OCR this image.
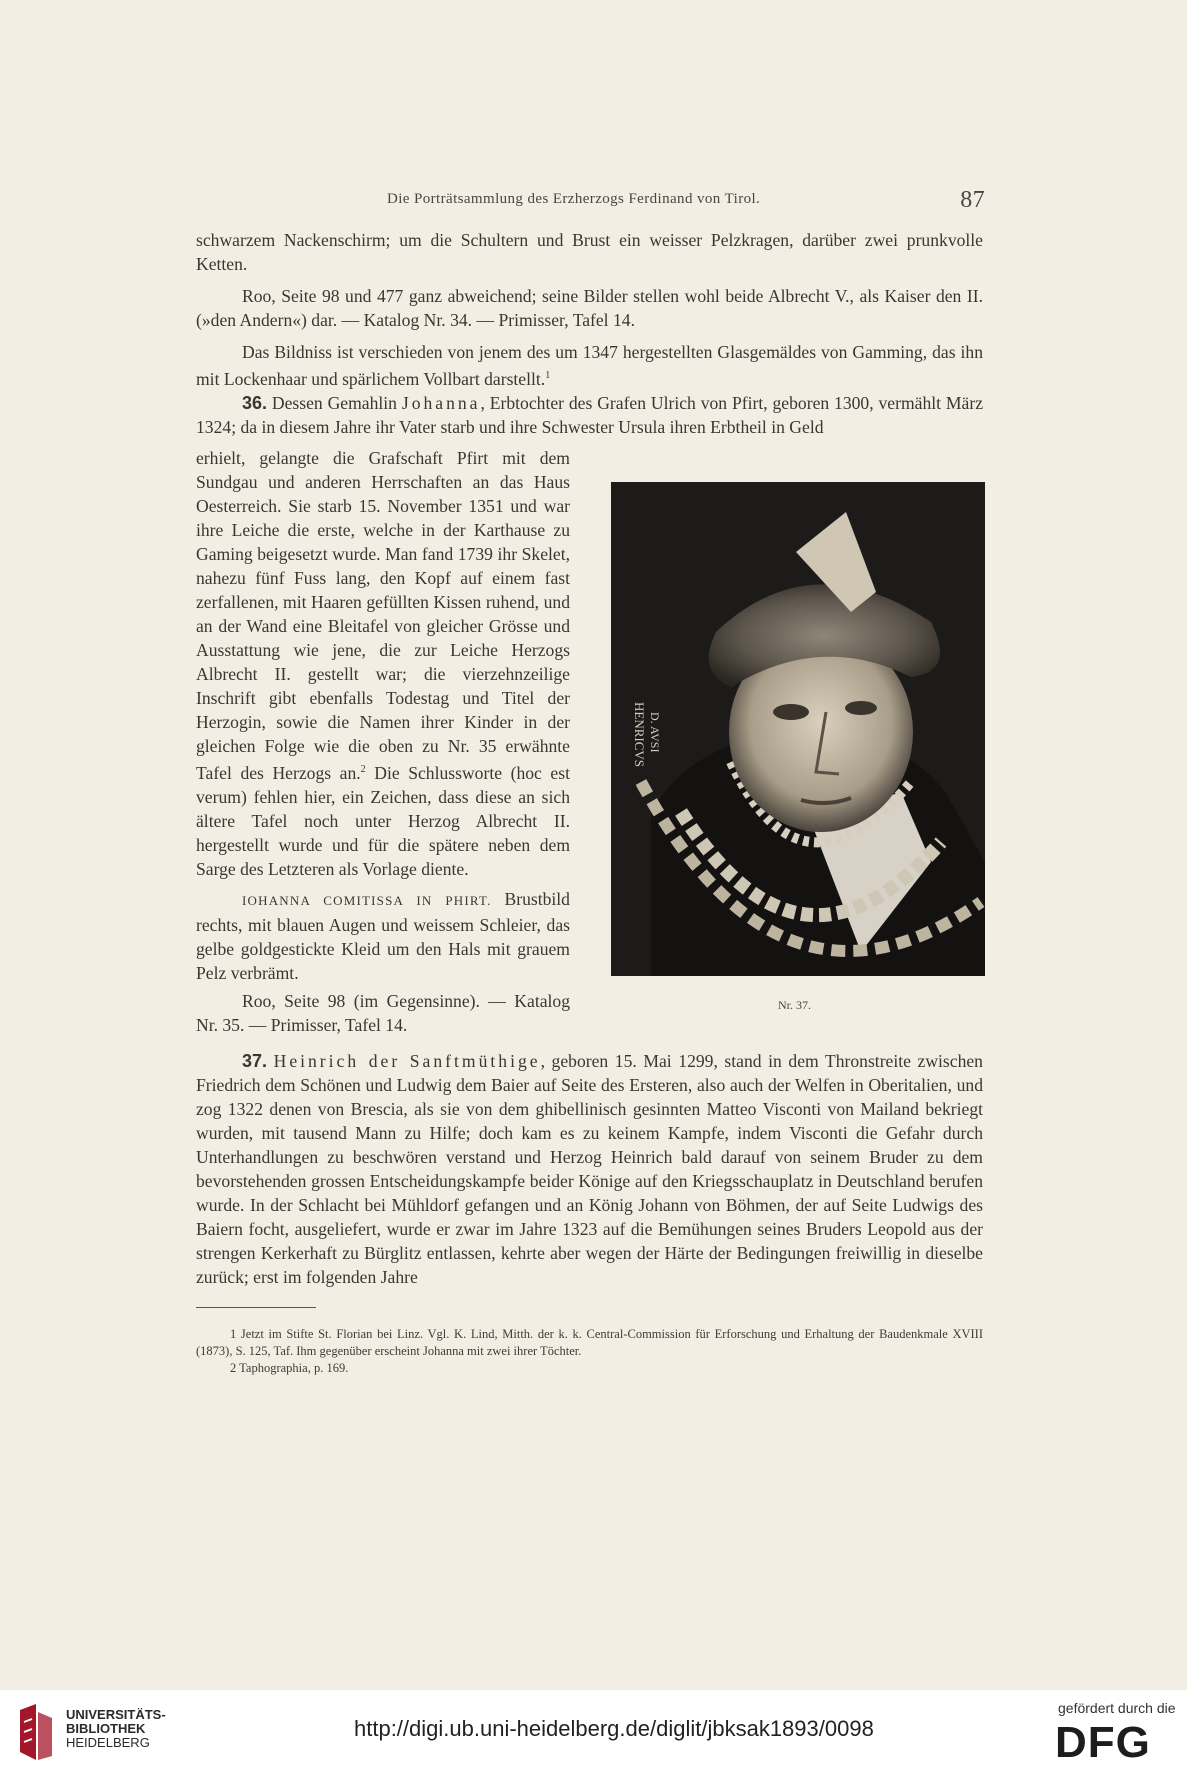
Die Porträtsammlung des Erzherzogs Ferdinand von Tirol.	87

schwarzem Nackenschirm; um die Schultern und Brust ein weisser Pelzkragen, darüber zwei prunkvolle Ketten.

Roo, Seite 98 und 477 ganz abweichend; seine Bilder stellen wohl beide Albrecht V., als Kaiser den II. (»den Andern«) dar. — Katalog Nr. 34. — Primisser, Tafel 14.

Das Bildniss ist verschieden von jenem des um 1347 hergestellten Glasgemäldes von Gamming, das ihn mit Lockenhaar und spärlichem Vollbart darstellt.$^1$

36. Dessen Gemahlin Johanna, Erbtochter des Grafen Ulrich von Pfirt, geboren 1300, vermählt März 1324; da in diesem Jahre ihr Vater starb und ihre Schwester Ursula ihren Erbtheil in Geld

erhielt, gelangte die Grafschaft Pfirt mit dem Sundgau und anderen Herrschaften an das Haus Oesterreich. Sie starb 15. November 1351 und war ihre Leiche die erste, welche in der Karthause zu Gaming beigesetzt wurde. Man fand 1739 ihr Skelet, nahezu fünf Fuss lang, den Kopf auf einem fast zerfallenen, mit Haaren gefüllten Kissen ruhend, und an der Wand eine Bleitafel von gleicher Grösse und Ausstattung wie jene, die zur Leiche Herzogs Albrecht II. gestellt war; die vierzehnzeilige Inschrift gibt ebenfalls Todestag und Titel der Herzogin, sowie die Namen ihrer Kinder in der gleichen Folge wie die oben zu Nr. 35 erwähnte Tafel des Herzogs an.$^2$ Die Schlussworte (hoc est verum) fehlen hier, ein Zeichen, dass diese an sich ältere Tafel noch unter Herzog Albrecht II. hergestellt wurde und für die spätere neben dem Sarge des Letzteren als Vorlage diente.

IOHANNA COMITISSA IN PHIRT. Brustbild rechts, mit blauen Augen und weissem Schleier, das gelbe goldgestickte Kleid um den Hals mit grauem Pelz verbrämt.

Roo, Seite 98 (im Gegensinne). — Katalog Nr. 35. — Primisser, Tafel 14.

HENRICVS D. AVSI
Nr. 37.

37. Heinrich der Sanftmüthige, geboren 15. Mai 1299, stand in dem Thronstreite zwischen Friedrich dem Schönen und Ludwig dem Baier auf Seite des Ersteren, also auch der Welfen in Oberitalien, und zog 1322 denen von Brescia, als sie von dem ghibellinisch gesinnten Matteo Visconti von Mailand bekriegt wurden, mit tausend Mann zu Hilfe; doch kam es zu keinem Kampfe, indem Visconti die Gefahr durch Unterhandlungen zu beschwören verstand und Herzog Heinrich bald darauf von seinem Bruder zu dem bevorstehenden grossen Entscheidungskampfe beider Könige auf den Kriegsschauplatz in Deutschland berufen wurde. In der Schlacht bei Mühldorf gefangen und an König Johann von Böhmen, der auf Seite Ludwigs des Baiern focht, ausgeliefert, wurde er zwar im Jahre 1323 auf die Bemühungen seines Bruders Leopold aus der strengen Kerkerhaft zu Bürglitz entlassen, kehrte aber wegen der Härte der Bedingungen freiwillig in dieselbe zurück; erst im folgenden Jahre

1 Jetzt im Stifte St. Florian bei Linz. Vgl. K. Lind, Mitth. der k. k. Central-Commission für Erforschung und Erhaltung der Baudenkmale XVIII (1873), S. 125, Taf. Ihm gegenüber erscheint Johanna mit zwei ihrer Töchter.

2 Taphographia, p. 169.

UNIVERSITÄTS-
BIBLIOTHEK
HEIDELBERG
http://digi.ub.uni-heidelberg.de/diglit/jbksak1893/0098
gefördert durch die
DFG
